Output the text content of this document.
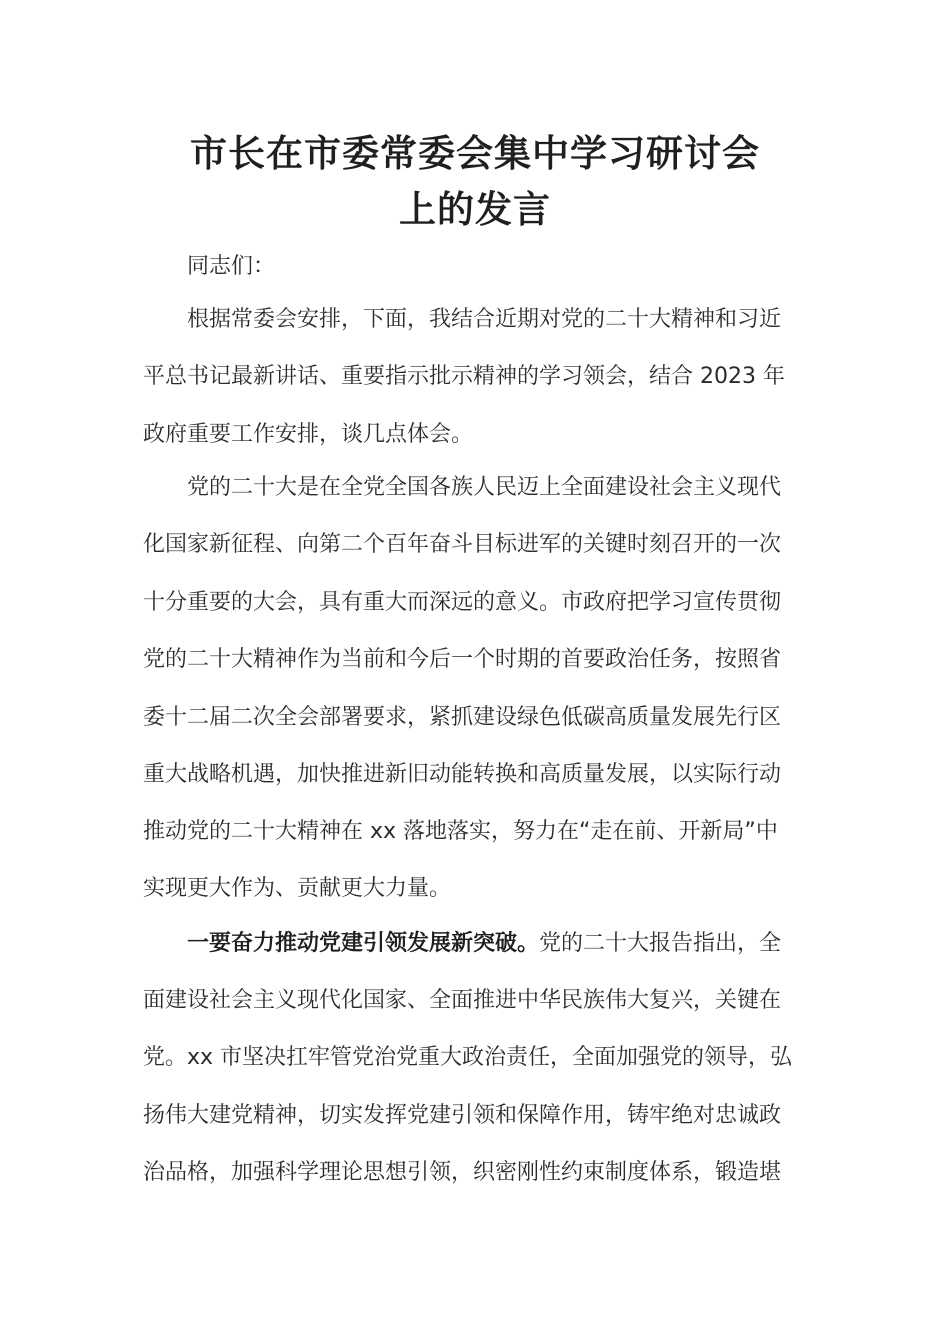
市长在市委常委会集中学习研讨会
上的发言
同志们：
根据常委会安排，下面，我结合近期对党的二十大精神和习近
平总书记最新讲话、重要指示批示精神的学习领会，结合 2023 年
政府重要工作安排，谈几点体会。
党的二十大是在全党全国各族人民迈上全面建设社会主义现代
化国家新征程、向第二个百年奋斗目标进军的关键时刻召开的一次
十分重要的大会，具有重大而深远的意义。市政府把学习宣传贯彻
党的二十大精神作为当前和今后一个时期的首要政治任务，按照省
委十二届二次全会部署要求，紧抓建设绿色低碳高质量发展先行区
重大战略机遇，加快推进新旧动能转换和高质量发展，以实际行动
推动党的二十大精神在 xx 落地落实，努力在“走在前、开新局”中
实现更大作为、贡献更大力量。
一要奋力推动党建引领发展新突破。党的二十大报告指出，全
面建设社会主义现代化国家、全面推进中华民族伟大复兴，关键在
党。xx 市坚决扛牢管党治党重大政治责任，全面加强党的领导，弘
扬伟大建党精神，切实发挥党建引领和保障作用，铸牢绝对忠诚政
治品格，加强科学理论思想引领，织密刚性约束制度体系，锻造堪
